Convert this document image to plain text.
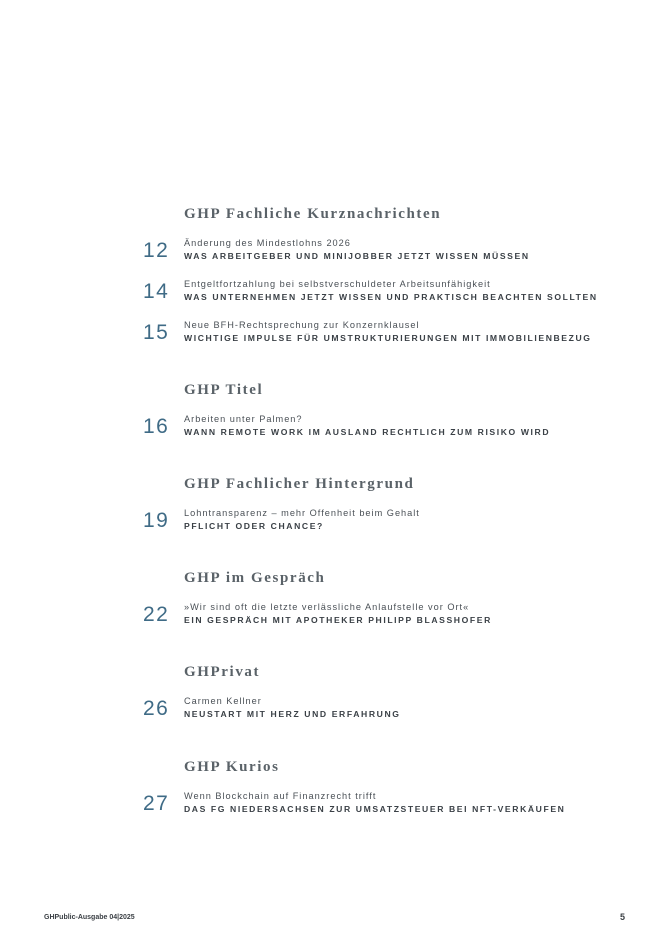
GHP Fachliche Kurznachrichten
12 Änderung des Mindestlohns 2026
WAS ARBEITGEBER UND MINIJOBBER JETZT WISSEN MÜSSEN
14 Entgeltfortzahlung bei selbstverschuldeter Arbeitsunfähigkeit
WAS UNTERNEHMEN JETZT WISSEN UND PRAKTISCH BEACHTEN SOLLTEN
15 Neue BFH-Rechtsprechung zur Konzernklausel
WICHTIGE IMPULSE FÜR UMSTRUKTURIERUNGEN MIT IMMOBILIENBEZUG
GHP Titel
16 Arbeiten unter Palmen?
WANN REMOTE WORK IM AUSLAND RECHTLICH ZUM RISIKO WIRD
GHP Fachlicher Hintergrund
19 Lohntransparenz – mehr Offenheit beim Gehalt
PFLICHT ODER CHANCE?
GHP im Gespräch
22 »Wir sind oft die letzte verlässliche Anlaufstelle vor Ort«
EIN GESPRÄCH MIT APOTHEKER PHILIPP BLASSHOFER
GHPrivat
26 Carmen Kellner
NEUSTART MIT HERZ UND ERFAHRUNG
GHP Kurios
27 Wenn Blockchain auf Finanzrecht trifft
DAS FG NIEDERSACHSEN ZUR UMSATZSTEUER BEI NFT-VERKÄUFEN
GHPublic-Ausgabe 04|2025	5
